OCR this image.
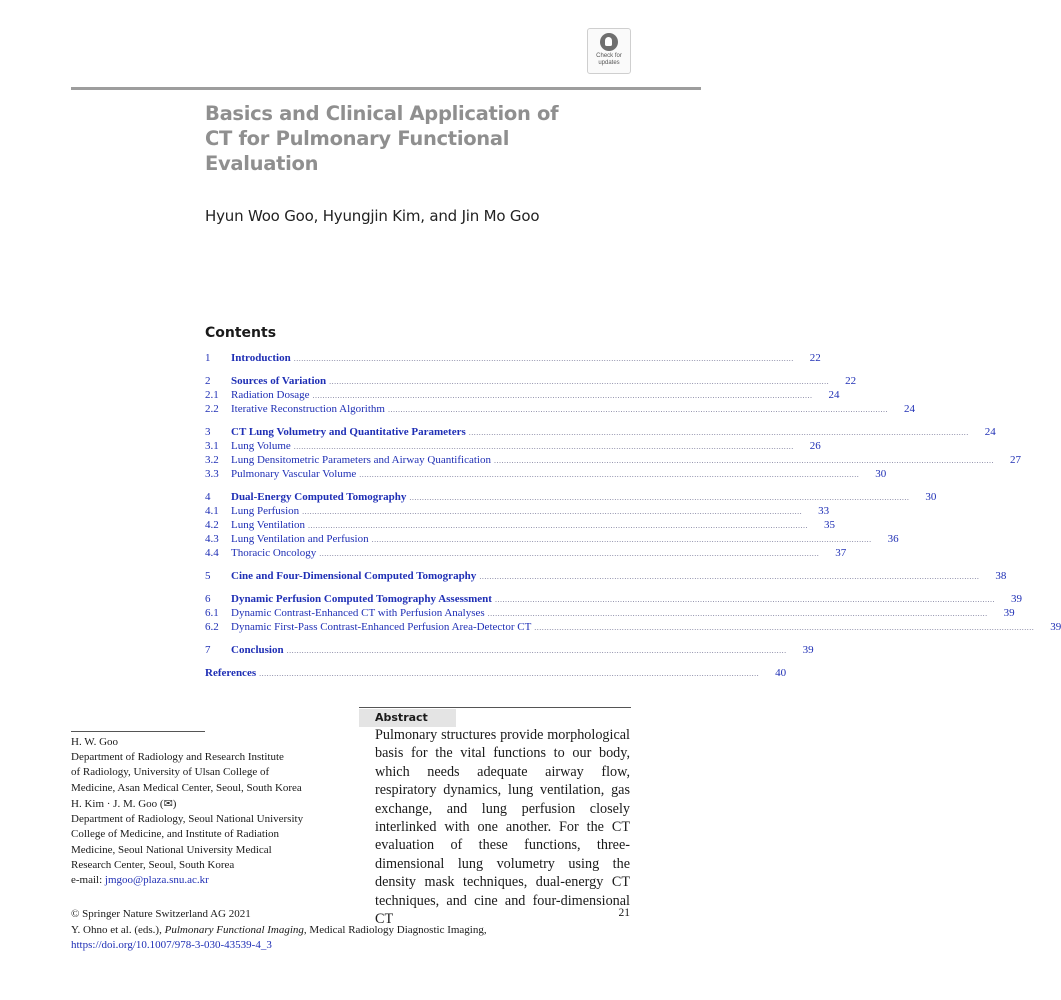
Check for updates
Basics and Clinical Application of CT for Pulmonary Functional Evaluation

Hyun Woo Goo, Hyungjin Kim, and Jin Mo Goo

Contents
1	Introduction ........................................................................................................................................................................................................	22
2	Sources of Variation ........................................................................................................................................................................................................	22
2.1	Radiation Dosage ........................................................................................................................................................................................................	24
2.2	Iterative Reconstruction Algorithm ........................................................................................................................................................................................................	24
3	CT Lung Volumetry and Quantitative Parameters ........................................................................................................................................................................................................	24
3.1	Lung Volume ........................................................................................................................................................................................................	26
3.2	Lung Densitometric Parameters and Airway Quantification ........................................................................................................................................................................................................	27
3.3	Pulmonary Vascular Volume ........................................................................................................................................................................................................	30
4	Dual-Energy Computed Tomography ........................................................................................................................................................................................................	30
4.1	Lung Perfusion ........................................................................................................................................................................................................	33
4.2	Lung Ventilation ........................................................................................................................................................................................................	35
4.3	Lung Ventilation and Perfusion ........................................................................................................................................................................................................	36
4.4	Thoracic Oncology ........................................................................................................................................................................................................	37
5	Cine and Four-Dimensional Computed Tomography ........................................................................................................................................................................................................	38
6	Dynamic Perfusion Computed Tomography Assessment ........................................................................................................................................................................................................	39
6.1	Dynamic Contrast-Enhanced CT with Perfusion Analyses ........................................................................................................................................................................................................	39
6.2	Dynamic First-Pass Contrast-Enhanced Perfusion Area-Detector CT ........................................................................................................................................................................................................	39
7	Conclusion ........................................................................................................................................................................................................	39
References ........................................................................................................................................................................................................	40

H. W. Goo

Department of Radiology and Research Institute

of Radiology, University of Ulsan College of

Medicine, Asan Medical Center, Seoul, South Korea

H. Kim · J. M. Goo (✉)

Department of Radiology, Seoul National University

College of Medicine, and Institute of Radiation

Medicine, Seoul National University Medical

Research Center, Seoul, South Korea

e-mail: jmgoo@plaza.snu.ac.kr

Abstract

Pulmonary structures provide morphological basis for the vital functions to our body, which needs adequate airway flow, respiratory dynamics, lung ventilation, gas exchange, and lung perfusion closely interlinked with one another. For the CT evaluation of these functions, three-dimensional lung volumetry using the density mask techniques, dual-energy CT techniques, and cine and four-dimensional CT

© Springer Nature Switzerland AG 2021

Y. Ohno et al. (eds.), Pulmonary Functional Imaging, Medical Radiology Diagnostic Imaging,

https://doi.org/10.1007/978-3-030-43539-4_3

21
